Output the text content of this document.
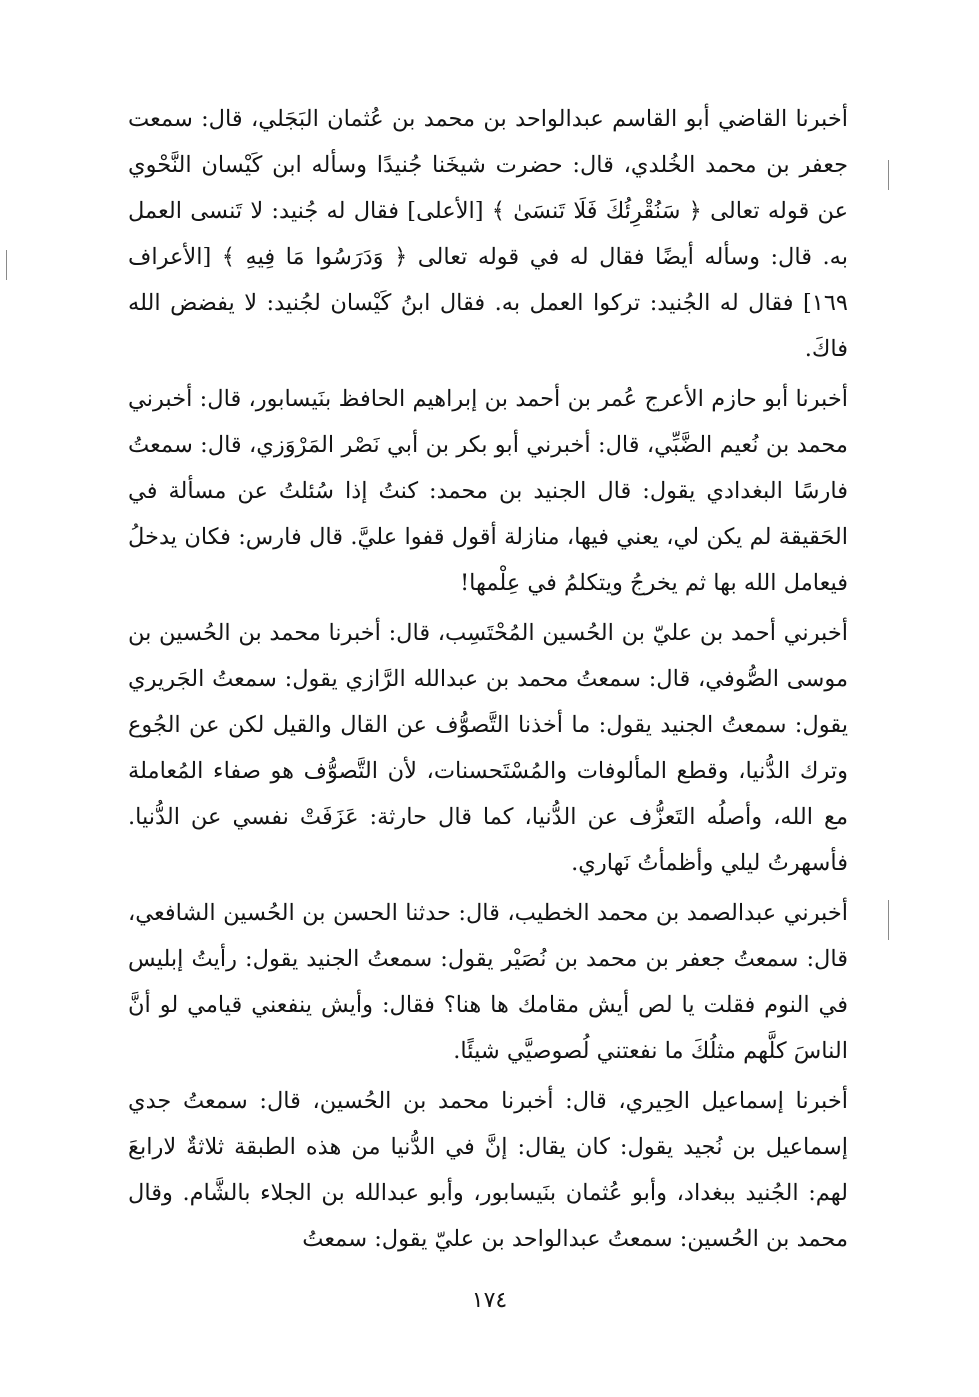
أخبرنا القاضي أبو القاسم عبدالواحد بن محمد بن عُثمان البَجَلي، قال: سمعت جعفر بن محمد الخُلدي، قال: حضرت شيخَنا جُنيدًا وسأله ابن كَيْسان النَّحْوي عن قوله تعالى ﴿ سَنُقْرِئُكَ فَلَا تَنسَىٰ ﴾ [الأعلى] فقال له جُنيد: لا تَنسى العمل به. قال: وسأله أيضًا فقال له في قوله تعالى ﴿ وَدَرَسُوا مَا فِيهِ ﴾ [الأعراف ١٦٩] فقال له الجُنيد: تركوا العمل به. فقال ابنُ كَيْسان لجُنيد: لا يفضض الله فاكَ.

أخبرنا أبو حازم الأعرج عُمر بن أحمد بن إبراهيم الحافظ بنَيسابور، قال: أخبرني محمد بن نُعيم الضَّبِّي، قال: أخبرني أبو بكر بن أبي نَصْر المَرْوَزي، قال: سمعتُ فارسًا البغدادي يقول: قال الجنيد بن محمد: كنتُ إذا سُئلتُ عن مسألة في الحَقيقة لم يكن لي، يعني فيها، منازلة أقول قفوا عليَّ. قال فارس: فكان يدخلُ فيعامل الله بها ثم يخرجُ ويتكلمُ في عِلْمها!

أخبرني أحمد بن عليّ بن الحُسين المُحْتَسِب، قال: أخبرنا محمد بن الحُسين بن موسى الصُّوفي، قال: سمعتُ محمد بن عبدالله الرَّازي يقول: سمعتُ الجَريري يقول: سمعتُ الجنيد يقول: ما أخذنا التَّصوُّف عن القال والقيل لكن عن الجُوع وترك الدُّنيا، وقطع المألوفات والمُسْتَحسنات، لأن التَّصوُّف هو صفاء المُعاملة مع الله، وأصلُه التَعزُّف عن الدُّنيا، كما قال حارثة: عَزَفَتْ نفسي عن الدُّنيا. فأسهرتُ ليلي وأظمأتُ نَهاري.

أخبرني عبدالصمد بن محمد الخطيب، قال: حدثنا الحسن بن الحُسين الشافعي، قال: سمعتُ جعفر بن محمد بن نُصَيْر يقول: سمعتُ الجنيد يقول: رأيتُ إبليس في النوم فقلت يا لص أيش مقامك ها هنا؟ فقال: وأيش ينفعني قيامي لو أنَّ الناسَ كلَّهم مثلُكَ ما نفعتني لُصوصيَّي شيئًا.

أخبرنا إسماعيل الحِيري، قال: أخبرنا محمد بن الحُسين، قال: سمعتُ جدي إسماعيل بن نُجيد يقول: كان يقال: إنَّ في الدُّنيا من هذه الطبقة ثلاثةٌ لارابعَ لهم: الجُنيد ببغداد، وأبو عُثمان بنَيسابور، وأبو عبدالله بن الجلاء بالشَّام. وقال محمد بن الحُسين: سمعتُ عبدالواحد بن عليّ يقول: سمعتُ

١٧٤
